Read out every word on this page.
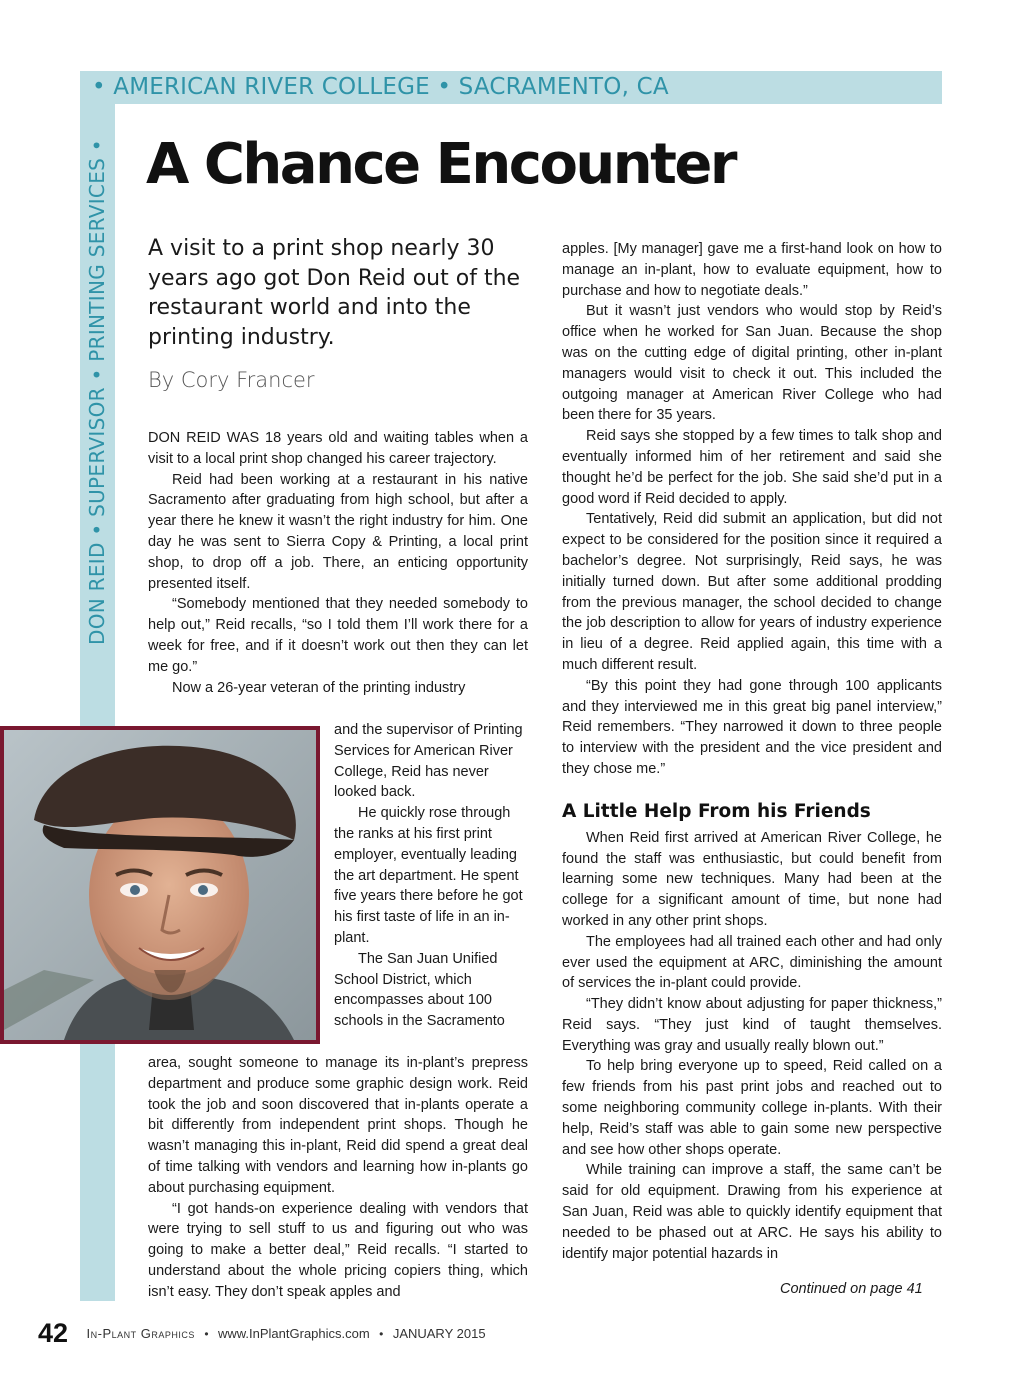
• AMERICAN RIVER COLLEGE • SACRAMENTO, CA
DON REID • SUPERVISOR • PRINTING SERVICES • A Chance Encounter
A visit to a print shop nearly 30 years ago got Don Reid out of the restaurant world and into the printing industry.
By Cory Francer

DON REID WAS 18 years old and waiting tables when a visit to a local print shop changed his career trajectory.

Reid had been working at a restaurant in his native Sacramento after graduating from high school, but after a year there he knew it wasn’t the right industry for him. One day he was sent to Sierra Copy & Printing, a local print shop, to drop off a job. There, an enticing opportunity presented itself.

“Somebody mentioned that they needed somebody to help out,” Reid recalls, “so I told them I’ll work there for a week for free, and if it doesn’t work out then they can let me go.”

Now a 26-year veteran of the printing industry

and the supervisor of Printing Services for American River College, Reid has never looked back.

He quickly rose through the ranks at his first print employer, eventually leading the art department. He spent five years there before he got his first taste of life in an in-plant.

The San Juan Unified School District, which encompasses about 100 schools in the Sacramento

area, sought someone to manage its in-plant’s prepress department and produce some graphic design work. Reid took the job and soon discovered that in-plants operate a bit differently from independent print shops. Though he wasn’t managing this in-plant, Reid did spend a great deal of time talking with vendors and learning how in-plants go about purchasing equipment.

“I got hands-on experience dealing with vendors that were trying to sell stuff to us and figuring out who was going to make a better deal,” Reid recalls. “I started to understand about the whole pricing copiers thing, which isn’t easy. They don’t speak apples and

apples. [My manager] gave me a first-hand look on how to manage an in-plant, how to evaluate equipment, how to purchase and how to negotiate deals.”

But it wasn’t just vendors who would stop by Reid’s office when he worked for San Juan. Because the shop was on the cutting edge of digital printing, other in-plant managers would visit to check it out. This included the outgoing manager at American River College who had been there for 35 years.

Reid says she stopped by a few times to talk shop and eventually informed him of her retirement and said she thought he’d be perfect for the job. She said she’d put in a good word if Reid decided to apply.

Tentatively, Reid did submit an application, but did not expect to be considered for the position since it required a bachelor’s degree. Not surprisingly, Reid says, he was initially turned down. But after some additional prodding from the previous manager, the school decided to change the job description to allow for years of industry experience in lieu of a degree. Reid applied again, this time with a much different result.

“By this point they had gone through 100 applicants and they interviewed me in this great big panel interview,” Reid remembers. “They narrowed it down to three people to interview with the president and the vice president and they chose me.”

A Little Help From his Friends

When Reid first arrived at American River College, he found the staff was enthusiastic, but could benefit from learning some new techniques. Many had been at the college for a significant amount of time, but none had worked in any other print shops.

The employees had all trained each other and had only ever used the equipment at ARC, diminishing the amount of services the in-plant could provide.

“They didn’t know about adjusting for paper thickness,” Reid says. “They just kind of taught themselves. Everything was gray and usually really blown out.”

To help bring everyone up to speed, Reid called on a few friends from his past print jobs and reached out to some neighboring community college in-plants. With their help, Reid’s staff was able to gain some new perspective and see how other shops operate.

While training can improve a staff, the same can’t be said for old equipment. Drawing from his experience at San Juan, Reid was able to quickly identify equipment that needed to be phased out at ARC. He says his ability to identify major potential hazards in

Continued on page 41
42 In-Plant Graphics • www.InPlantGraphics.com • JANUARY 2015
